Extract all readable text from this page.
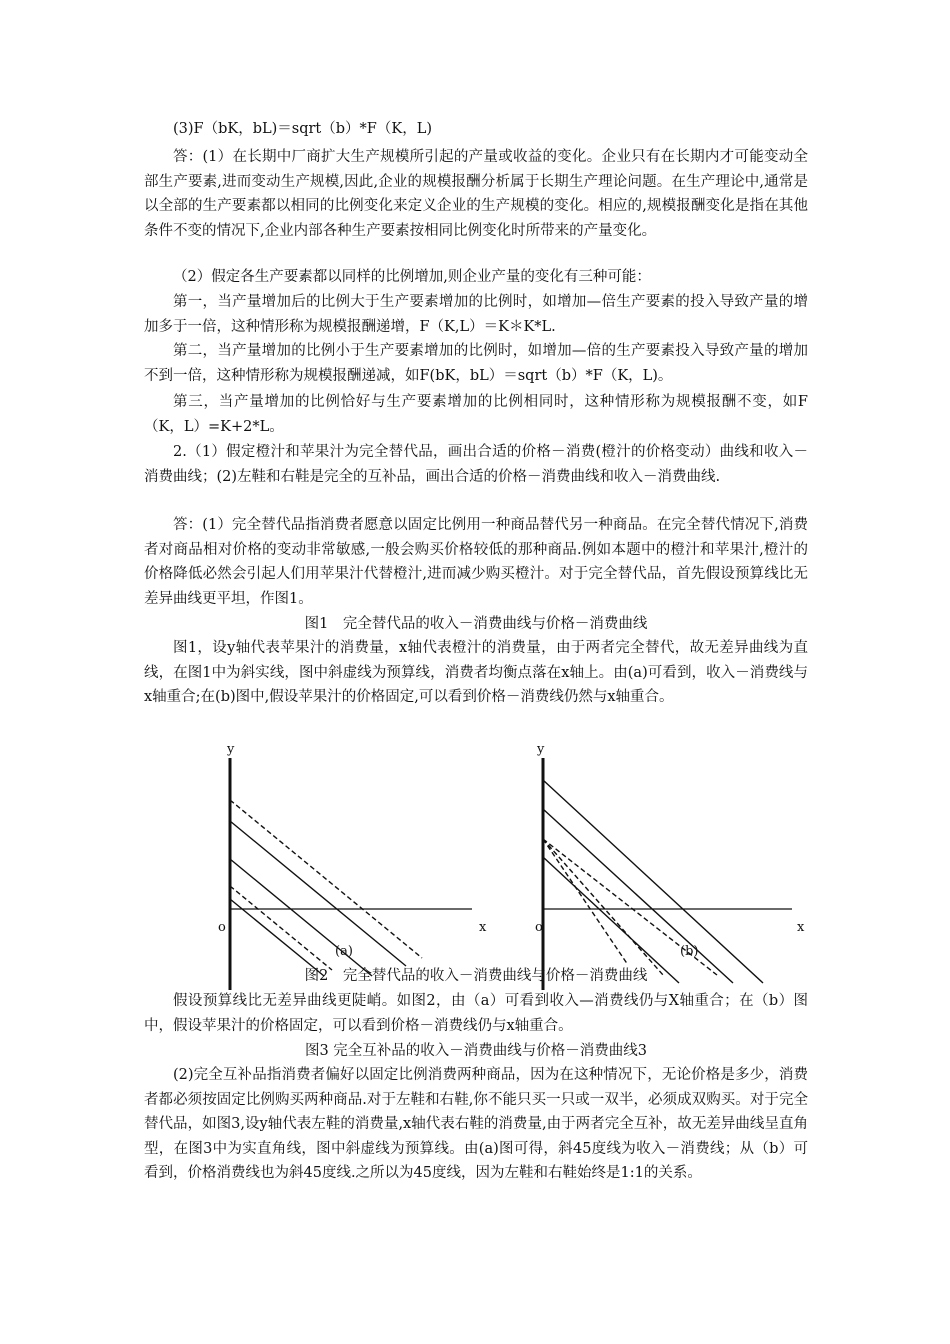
(3)F（bK，bL)＝sqrt（b）*F（K，L)

答：(1）在长期中厂商扩大生产规模所引起的产量或收益的变化。企业只有在长期内才可能变动全部生产要素,进而变动生产规模,因此,企业的规模报酬分析属于长期生产理论问题。在生产理论中,通常是以全部的生产要素都以相同的比例变化来定义企业的生产规模的变化。相应的,规模报酬变化是指在其他条件不变的情况下,企业内部各种生产要素按相同比例变化时所带来的产量变化。

（2）假定各生产要素都以同样的比例增加,则企业产量的变化有三种可能：

第一，当产量增加后的比例大于生产要素增加的比例时，如增加—倍生产要素的投入导致产量的增加多于一倍，这种情形称为规模报酬递增，F（K,L）＝K＊K*L.

第二，当产量增加的比例小于生产要素增加的比例时，如增加—倍的生产要素投入导致产量的增加不到一倍，这种情形称为规模报酬递减，如F(bK，bL）＝sqrt（b）*F（K，L)。

第三，当产量增加的比例恰好与生产要素增加的比例相同时，这种情形称为规模报酬不变，如F（K，L）=K+2*L。

2.（1）假定橙汁和苹果汁为完全替代品，画出合适的价格－消费(橙汁的价格变动）曲线和收入－消费曲线；(2)左鞋和右鞋是完全的互补品，画出合适的价格－消费曲线和收入－消费曲线.

答：(1）完全替代品指消费者愿意以固定比例用一种商品替代另一种商品。在完全替代情况下,消费者对商品相对价格的变动非常敏感,一般会购买价格较低的那种商品.例如本题中的橙汁和苹果汁,橙汁的价格降低必然会引起人们用苹果汁代替橙汁,进而减少购买橙汁。对于完全替代品，首先假设预算线比无差异曲线更平坦，作图1。

图1　完全替代品的收入－消费曲线与价格－消费曲线

图1，设y轴代表苹果汁的消费量，x轴代表橙汁的消费量，由于两者完全替代，故无差异曲线为直线，在图1中为斜实线，图中斜虚线为预算线，消费者均衡点落在x轴上。由(a)可看到，收入－消费线与x轴重合;在(b)图中,假设苹果汁的价格固定,可以看到价格－消费线仍然与x轴重合。

y
o	x
(a)
y
o	x
(b)

图2　完全替代品的收入－消费曲线与价格－消费曲线

假设预算线比无差异曲线更陡峭。如图2，由（a）可看到收入—消费线仍与X轴重合；在（b）图中，假设苹果汁的价格固定，可以看到价格－消费线仍与x轴重合。

图3 完全互补品的收入－消费曲线与价格－消费曲线3

(2)完全互补品指消费者偏好以固定比例消费两种商品，因为在这种情况下，无论价格是多少，消费者都必须按固定比例购买两种商品.对于左鞋和右鞋,你不能只买一只或一双半，必须成双购买。对于完全替代品，如图3,设y轴代表左鞋的消费量,x轴代表右鞋的消费量,由于两者完全互补，故无差异曲线呈直角型，在图3中为实直角线，图中斜虚线为预算线。由(a)图可得，斜45度线为收入－消费线；从（b）可看到，价格消费线也为斜45度线.之所以为45度线，因为左鞋和右鞋始终是1:1的关系。
